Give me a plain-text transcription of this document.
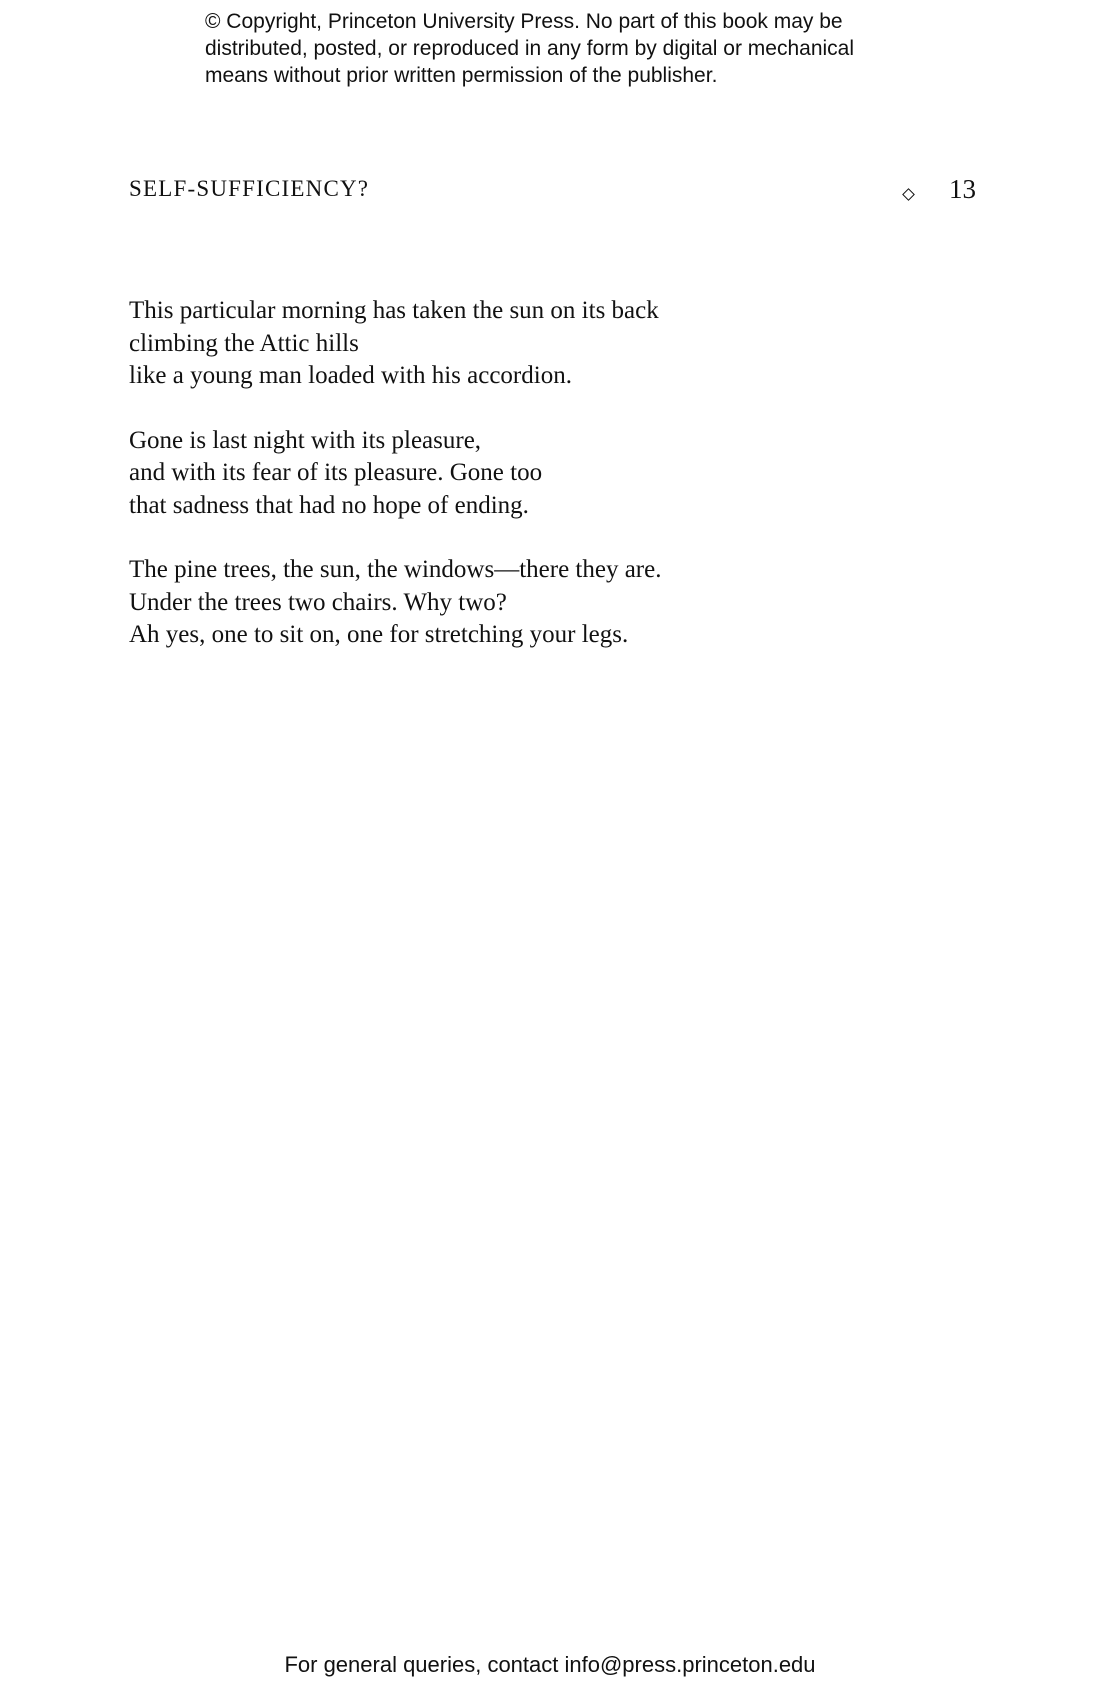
© Copyright, Princeton University Press. No part of this book may be
distributed, posted, or reproduced in any form by digital or mechanical
means without prior written permission of the publisher.
SELF-SUFFICIENCY?	13
This particular morning has taken the sun on its back
climbing the Attic hills
like a young man loaded with his accordion.
Gone is last night with its pleasure,
and with its fear of its pleasure. Gone too
that sadness that had no hope of ending.
The pine trees, the sun, the windows—there they are.
Under the trees two chairs. Why two?
Ah yes, one to sit on, one for stretching your legs.
For general queries, contact info@press.princeton.edu
